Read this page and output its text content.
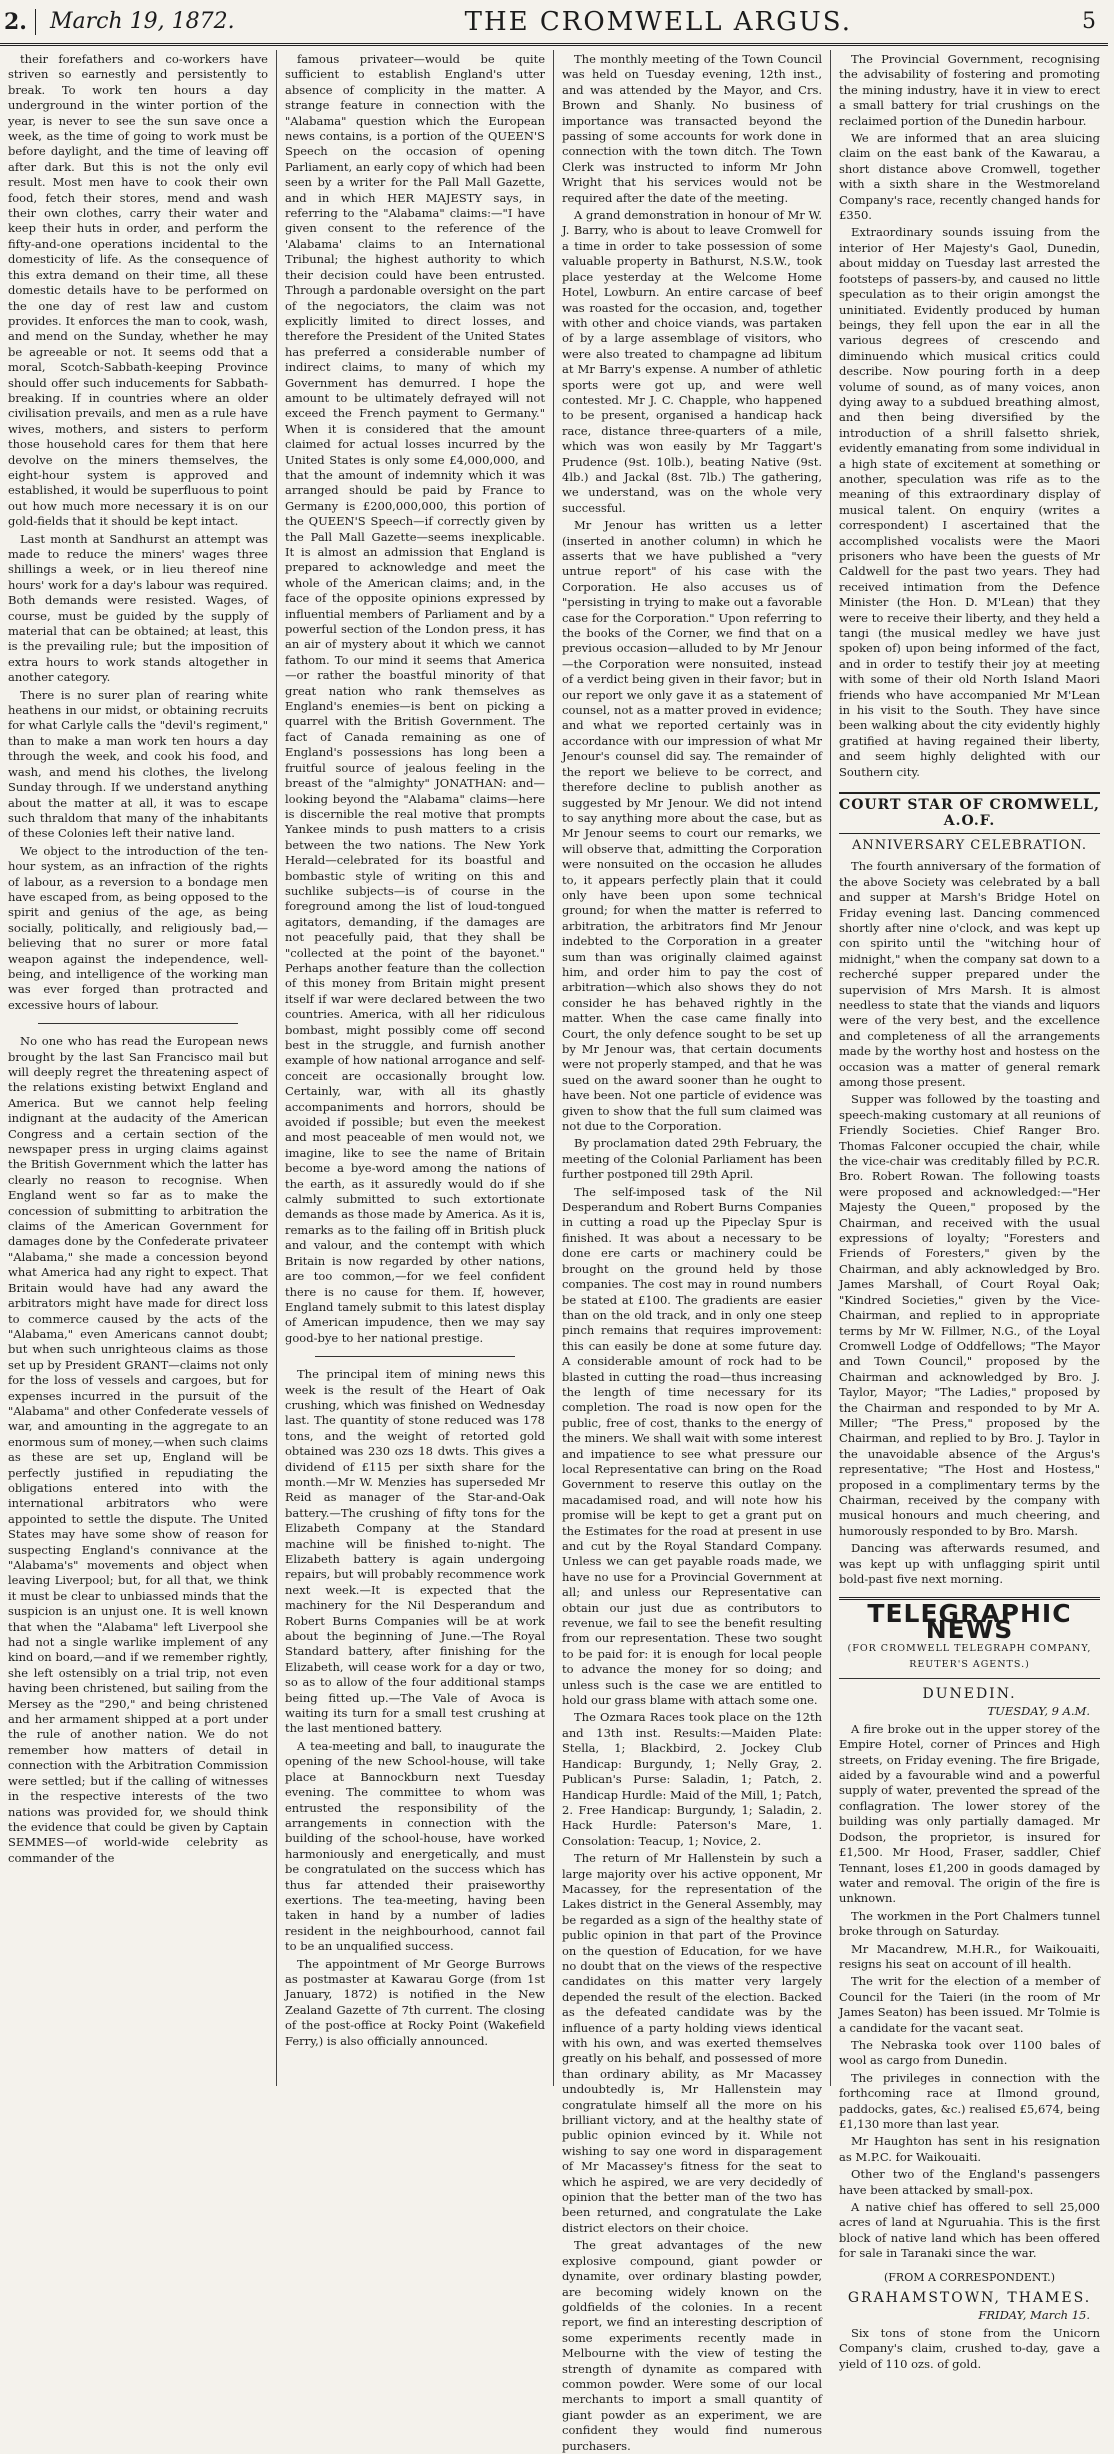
2.	March 19, 1872.	THE CROMWELL ARGUS.	5

their forefathers and co-workers have striven so earnestly and persistently to break. To work ten hours a day underground in the winter portion of the year, is never to see the sun save once a week, as the time of going to work must be before daylight, and the time of leaving off after dark. But this is not the only evil result. Most men have to cook their own food, fetch their stores, mend and wash their own clothes, carry their water and keep their huts in order, and perform the fifty-and-one operations incidental to the domesticity of life. As the consequence of this extra demand on their time, all these domestic details have to be performed on the one day of rest law and custom provides. It enforces the man to cook, wash, and mend on the Sunday, whether he may be agreeable or not. It seems odd that a moral, Scotch-Sabbath-keeping Province should offer such inducements for Sabbath-breaking. If in countries where an older civilisation prevails, and men as a rule have wives, mothers, and sisters to perform those household cares for them that here devolve on the miners themselves, the eight-hour system is approved and established, it would be superfluous to point out how much more necessary it is on our gold-fields that it should be kept intact.

Last month at Sandhurst an attempt was made to reduce the miners' wages three shillings a week, or in lieu thereof nine hours' work for a day's labour was required. Both demands were resisted. Wages, of course, must be guided by the supply of material that can be obtained; at least, this is the prevailing rule; but the imposition of extra hours to work stands altogether in another category.

There is no surer plan of rearing white heathens in our midst, or obtaining recruits for what Carlyle calls the "devil's regiment," than to make a man work ten hours a day through the week, and cook his food, and wash, and mend his clothes, the livelong Sunday through. If we understand anything about the matter at all, it was to escape such thraldom that many of the inhabitants of these Colonies left their native land.

We object to the introduction of the ten-hour system, as an infraction of the rights of labour, as a reversion to a bondage men have escaped from, as being opposed to the spirit and genius of the age, as being socially, politically, and religiously bad,—believing that no surer or more fatal weapon against the independence, well-being, and intelligence of the working man was ever forged than protracted and excessive hours of labour.

No one who has read the European news brought by the last San Francisco mail but will deeply regret the threatening aspect of the relations existing betwixt England and America. But we cannot help feeling indignant at the audacity of the American Congress and a certain section of the newspaper press in urging claims against the British Government which the latter has clearly no reason to recognise. When England went so far as to make the concession of submitting to arbitration the claims of the American Government for damages done by the Confederate privateer "Alabama," she made a concession beyond what America had any right to expect. That Britain would have had any award the arbitrators might have made for direct loss to commerce caused by the acts of the "Alabama," even Americans cannot doubt; but when such unrighteous claims as those set up by President GRANT—claims not only for the loss of vessels and cargoes, but for expenses incurred in the pursuit of the "Alabama" and other Confederate vessels of war, and amounting in the aggregate to an enormous sum of money,—when such claims as these are set up, England will be perfectly justified in repudiating the obligations entered into with the international arbitrators who were appointed to settle the dispute. The United States may have some show of reason for suspecting England's connivance at the "Alabama's" movements and object when leaving Liverpool; but, for all that, we think it must be clear to unbiassed minds that the suspicion is an unjust one. It is well known that when the "Alabama" left Liverpool she had not a single warlike implement of any kind on board,—and if we remember rightly, she left ostensibly on a trial trip, not even having been christened, but sailing from the Mersey as the "290," and being christened and her armament shipped at a port under the rule of another nation. We do not remember how matters of detail in connection with the Arbitration Commission were settled; but if the calling of witnesses in the respective interests of the two nations was provided for, we should think the evidence that could be given by Captain SEMMES—of world-wide celebrity as commander of the

famous privateer—would be quite sufficient to establish England's utter absence of complicity in the matter. A strange feature in connection with the "Alabama" question which the European news contains, is a portion of the QUEEN'S Speech on the occasion of opening Parliament, an early copy of which had been seen by a writer for the Pall Mall Gazette, and in which HER MAJESTY says, in referring to the "Alabama" claims:—"I have given consent to the reference of the 'Alabama' claims to an International Tribunal; the highest authority to which their decision could have been entrusted. Through a pardonable oversight on the part of the negociators, the claim was not explicitly limited to direct losses, and therefore the President of the United States has preferred a considerable number of indirect claims, to many of which my Government has demurred. I hope the amount to be ultimately defrayed will not exceed the French payment to Germany." When it is considered that the amount claimed for actual losses incurred by the United States is only some £4,000,000, and that the amount of indemnity which it was arranged should be paid by France to Germany is £200,000,000, this portion of the QUEEN'S Speech—if correctly given by the Pall Mall Gazette—seems inexplicable. It is almost an admission that England is prepared to acknowledge and meet the whole of the American claims; and, in the face of the opposite opinions expressed by influential members of Parliament and by a powerful section of the London press, it has an air of mystery about it which we cannot fathom. To our mind it seems that America—or rather the boastful minority of that great nation who rank themselves as England's enemies—is bent on picking a quarrel with the British Government. The fact of Canada remaining as one of England's possessions has long been a fruitful source of jealous feeling in the breast of the "almighty" JONATHAN: and—looking beyond the "Alabama" claims—here is discernible the real motive that prompts Yankee minds to push matters to a crisis between the two nations. The New York Herald—celebrated for its boastful and bombastic style of writing on this and suchlike subjects—is of course in the foreground among the list of loud-tongued agitators, demanding, if the damages are not peacefully paid, that they shall be "collected at the point of the bayonet." Perhaps another feature than the collection of this money from Britain might present itself if war were declared between the two countries. America, with all her ridiculous bombast, might possibly come off second best in the struggle, and furnish another example of how national arrogance and self-conceit are occasionally brought low. Certainly, war, with all its ghastly accompaniments and horrors, should be avoided if possible; but even the meekest and most peaceable of men would not, we imagine, like to see the name of Britain become a bye-word among the nations of the earth, as it assuredly would do if she calmly submitted to such extortionate demands as those made by America. As it is, remarks as to the failing off in British pluck and valour, and the contempt with which Britain is now regarded by other nations, are too common,—for we feel confident there is no cause for them. If, however, England tamely submit to this latest display of American impudence, then we may say good-bye to her national prestige.

The principal item of mining news this week is the result of the Heart of Oak crushing, which was finished on Wednesday last. The quantity of stone reduced was 178 tons, and the weight of retorted gold obtained was 230 ozs 18 dwts. This gives a dividend of £115 per sixth share for the month.—Mr W. Menzies has superseded Mr Reid as manager of the Star-and-Oak battery.—The crushing of fifty tons for the Elizabeth Company at the Standard machine will be finished to-night. The Elizabeth battery is again undergoing repairs, but will probably recommence work next week.—It is expected that the machinery for the Nil Desperandum and Robert Burns Companies will be at work about the beginning of June.—The Royal Standard battery, after finishing for the Elizabeth, will cease work for a day or two, so as to allow of the four additional stamps being fitted up.—The Vale of Avoca is waiting its turn for a small test crushing at the last mentioned battery.

A tea-meeting and ball, to inaugurate the opening of the new School-house, will take place at Bannockburn next Tuesday evening. The committee to whom was entrusted the responsibility of the arrangements in connection with the building of the school-house, have worked harmoniously and energetically, and must be congratulated on the success which has thus far attended their praiseworthy exertions. The tea-meeting, having been taken in hand by a number of ladies resident in the neighbourhood, cannot fail to be an unqualified success.

The appointment of Mr George Burrows as postmaster at Kawarau Gorge (from 1st January, 1872) is notified in the New Zealand Gazette of 7th current. The closing of the post-office at Rocky Point (Wakefield Ferry,) is also officially announced.

The monthly meeting of the Town Council was held on Tuesday evening, 12th inst., and was attended by the Mayor, and Crs. Brown and Shanly. No business of importance was transacted beyond the passing of some accounts for work done in connection with the town ditch. The Town Clerk was instructed to inform Mr John Wright that his services would not be required after the date of the meeting.

A grand demonstration in honour of Mr W. J. Barry, who is about to leave Cromwell for a time in order to take possession of some valuable property in Bathurst, N.S.W., took place yesterday at the Welcome Home Hotel, Lowburn. An entire carcase of beef was roasted for the occasion, and, together with other and choice viands, was partaken of by a large assemblage of visitors, who were also treated to champagne ad libitum at Mr Barry's expense. A number of athletic sports were got up, and were well contested. Mr J. C. Chapple, who happened to be present, organised a handicap hack race, distance three-quarters of a mile, which was won easily by Mr Taggart's Prudence (9st. 10lb.), beating Native (9st. 4lb.) and Jackal (8st. 7lb.) The gathering, we understand, was on the whole very successful.

Mr Jenour has written us a letter (inserted in another column) in which he asserts that we have published a "very untrue report" of his case with the Corporation. He also accuses us of "persisting in trying to make out a favorable case for the Corporation." Upon referring to the books of the Corner, we find that on a previous occasion—alluded to by Mr Jenour—the Corporation were nonsuited, instead of a verdict being given in their favor; but in our report we only gave it as a statement of counsel, not as a matter proved in evidence; and what we reported certainly was in accordance with our impression of what Mr Jenour's counsel did say. The remainder of the report we believe to be correct, and therefore decline to publish another as suggested by Mr Jenour. We did not intend to say anything more about the case, but as Mr Jenour seems to court our remarks, we will observe that, admitting the Corporation were nonsuited on the occasion he alludes to, it appears perfectly plain that it could only have been upon some technical ground; for when the matter is referred to arbitration, the arbitrators find Mr Jenour indebted to the Corporation in a greater sum than was originally claimed against him, and order him to pay the cost of arbitration—which also shows they do not consider he has behaved rightly in the matter. When the case came finally into Court, the only defence sought to be set up by Mr Jenour was, that certain documents were not properly stamped, and that he was sued on the award sooner than he ought to have been. Not one particle of evidence was given to show that the full sum claimed was not due to the Corporation.

By proclamation dated 29th February, the meeting of the Colonial Parliament has been further postponed till 29th April.

The self-imposed task of the Nil Desperandum and Robert Burns Companies in cutting a road up the Pipeclay Spur is finished. It was about a necessary to be done ere carts or machinery could be brought on the ground held by those companies. The cost may in round numbers be stated at £100. The gradients are easier than on the old track, and in only one steep pinch remains that requires improvement: this can easily be done at some future day. A considerable amount of rock had to be blasted in cutting the road—thus increasing the length of time necessary for its completion. The road is now open for the public, free of cost, thanks to the energy of the miners. We shall wait with some interest and impatience to see what pressure our local Representative can bring on the Road Government to reserve this outlay on the macadamised road, and will note how his promise will be kept to get a grant put on the Estimates for the road at present in use and cut by the Royal Standard Company. Unless we can get payable roads made, we have no use for a Provincial Government at all; and unless our Representative can obtain our just due as contributors to revenue, we fail to see the benefit resulting from our representation. These two sought to be paid for: it is enough for local people to advance the money for so doing; and unless such is the case we are entitled to hold our grass blame with attach some one.

The Ozmara Races took place on the 12th and 13th inst. Results:—Maiden Plate: Stella, 1; Blackbird, 2. Jockey Club Handicap: Burgundy, 1; Nelly Gray, 2. Publican's Purse: Saladin, 1; Patch, 2. Handicap Hurdle: Maid of the Mill, 1; Patch, 2. Free Handicap: Burgundy, 1; Saladin, 2. Hack Hurdle: Paterson's Mare, 1. Consolation: Teacup, 1; Novice, 2.

The return of Mr Hallenstein by such a large majority over his active opponent, Mr Macassey, for the representation of the Lakes district in the General Assembly, may be regarded as a sign of the healthy state of public opinion in that part of the Province on the question of Education, for we have no doubt that on the views of the respective candidates on this matter very largely depended the result of the election. Backed as the defeated candidate was by the influence of a party holding views identical with his own, and was exerted themselves greatly on his behalf, and possessed of more than ordinary ability, as Mr Macassey undoubtedly is, Mr Hallenstein may congratulate himself all the more on his brilliant victory, and at the healthy state of public opinion evinced by it. While not wishing to say one word in disparagement of Mr Macassey's fitness for the seat to which he aspired, we are very decidedly of opinion that the better man of the two has been returned, and congratulate the Lake district electors on their choice.

The great advantages of the new explosive compound, giant powder or dynamite, over ordinary blasting powder, are becoming widely known on the goldfields of the colonies. In a recent report, we find an interesting description of some experiments recently made in Melbourne with the view of testing the strength of dynamite as compared with common powder. Were some of our local merchants to import a small quantity of giant powder as an experiment, we are confident they would find numerous purchasers.

The Provincial Government, recognising the advisability of fostering and promoting the mining industry, have it in view to erect a small battery for trial crushings on the reclaimed portion of the Dunedin harbour.

We are informed that an area sluicing claim on the east bank of the Kawarau, a short distance above Cromwell, together with a sixth share in the Westmoreland Company's race, recently changed hands for £350.

Extraordinary sounds issuing from the interior of Her Majesty's Gaol, Dunedin, about midday on Tuesday last arrested the footsteps of passers-by, and caused no little speculation as to their origin amongst the uninitiated. Evidently produced by human beings, they fell upon the ear in all the various degrees of crescendo and diminuendo which musical critics could describe. Now pouring forth in a deep volume of sound, as of many voices, anon dying away to a subdued breathing almost, and then being diversified by the introduction of a shrill falsetto shriek, evidently emanating from some individual in a high state of excitement at something or another, speculation was rife as to the meaning of this extraordinary display of musical talent. On enquiry (writes a correspondent) I ascertained that the accomplished vocalists were the Maori prisoners who have been the guests of Mr Caldwell for the past two years. They had received intimation from the Defence Minister (the Hon. D. M'Lean) that they were to receive their liberty, and they held a tangi (the musical medley we have just spoken of) upon being informed of the fact, and in order to testify their joy at meeting with some of their old North Island Maori friends who have accompanied Mr M'Lean in his visit to the South. They have since been walking about the city evidently highly gratified at having regained their liberty, and seem highly delighted with our Southern city.

COURT STAR OF CROMWELL, A.O.F.
ANNIVERSARY CELEBRATION.

The fourth anniversary of the formation of the above Society was celebrated by a ball and supper at Marsh's Bridge Hotel on Friday evening last. Dancing commenced shortly after nine o'clock, and was kept up con spirito until the "witching hour of midnight," when the company sat down to a recherché supper prepared under the supervision of Mrs Marsh. It is almost needless to state that the viands and liquors were of the very best, and the excellence and completeness of all the arrangements made by the worthy host and hostess on the occasion was a matter of general remark among those present.

Supper was followed by the toasting and speech-making customary at all reunions of Friendly Societies. Chief Ranger Bro. Thomas Falconer occupied the chair, while the vice-chair was creditably filled by P.C.R. Bro. Robert Rowan. The following toasts were proposed and acknowledged:—"Her Majesty the Queen," proposed by the Chairman, and received with the usual expressions of loyalty; "Foresters and Friends of Foresters," given by the Chairman, and ably acknowledged by Bro. James Marshall, of Court Royal Oak; "Kindred Societies," given by the Vice-Chairman, and replied to in appropriate terms by Mr W. Fillmer, N.G., of the Loyal Cromwell Lodge of Oddfellows; "The Mayor and Town Council," proposed by the Chairman and acknowledged by Bro. J. Taylor, Mayor; "The Ladies," proposed by the Chairman and responded to by Mr A. Miller; "The Press," proposed by the Chairman, and replied to by Bro. J. Taylor in the unavoidable absence of the Argus's representative; "The Host and Hostess," proposed in a complimentary terms by the Chairman, received by the company with musical honours and much cheering, and humorously responded to by Bro. Marsh.

Dancing was afterwards resumed, and was kept up with unflagging spirit until bold-past five next morning.

TELEGRAPHIC NEWS
(FOR CROMWELL TELEGRAPH COMPANY, REUTER'S AGENTS.)
DUNEDIN.
TUESDAY, 9 A.M.

A fire broke out in the upper storey of the Empire Hotel, corner of Princes and High streets, on Friday evening. The fire Brigade, aided by a favourable wind and a powerful supply of water, prevented the spread of the conflagration. The lower storey of the building was only partially damaged. Mr Dodson, the proprietor, is insured for £1,500. Mr Hood, Fraser, saddler, Chief Tennant, loses £1,200 in goods damaged by water and removal. The origin of the fire is unknown.

The workmen in the Port Chalmers tunnel broke through on Saturday.

Mr Macandrew, M.H.R., for Waikouaiti, resigns his seat on account of ill health.

The writ for the election of a member of Council for the Taieri (in the room of Mr James Seaton) has been issued. Mr Tolmie is a candidate for the vacant seat.

The Nebraska took over 1100 bales of wool as cargo from Dunedin.

The privileges in connection with the forthcoming race at Ilmond ground, paddocks, gates, &c.) realised £5,674, being £1,130 more than last year.

Mr Haughton has sent in his resignation as M.P.C. for Waikouaiti.

Other two of the England's passengers have been attacked by small-pox.

A native chief has offered to sell 25,000 acres of land at Nguruahia. This is the first block of native land which has been offered for sale in Taranaki since the war.

(FROM A CORRESPONDENT.)
GRAHAMSTOWN, THAMES.
FRIDAY, March 15.

Six tons of stone from the Unicorn Company's claim, crushed to-day, gave a yield of 110 ozs. of gold.
